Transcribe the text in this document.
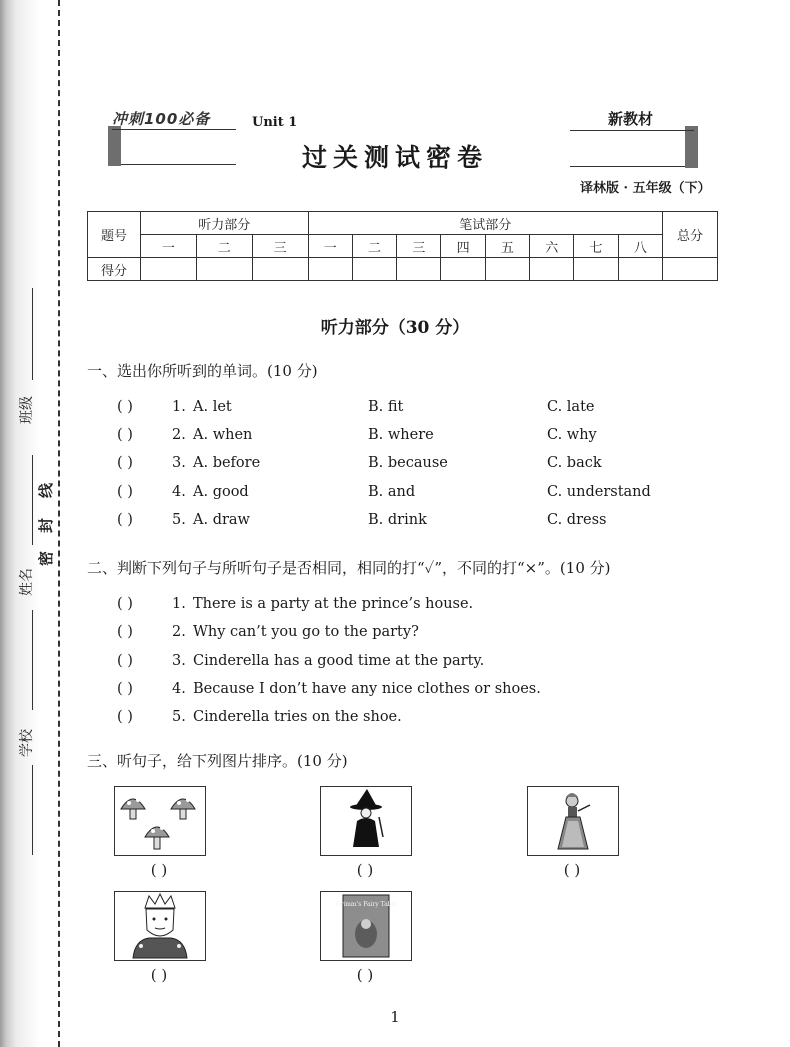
班级
姓名
学校
密
封
线
冲刺100必备	Unit 1	新教材
过关测试密卷
译林版 · 五年级（下）
题号	听力部分			笔试部分								总分
	一	二	三	一	二	三	四	五	六	七	八	
得分												
听力部分（30 分）
一、选出你所听到的单词。(10 分)
( )	1. A. let	B. fit	C. late
( )	2. A. when	B. where	C. why
( )	3. A. before	B. because	C. back
( )	4. A. good	B. and	C. understand
( )	5. A. draw	B. drink	C. dress
二、判断下列句子与所听句子是否相同，相同的打“✓”，不同的打“×”。(10 分)
( )	1. There is a party at the prince’s house.
( )	2. Why can’t you go to the party?
( )	3. Cinderella has a good time at the party.
( )	4. Because I don’t have any nice clothes or shoes.
( )	5. Cinderella tries on the shoe.
三、听句子，给下列图片排序。(10 分)
( )	( )	( )
( )
Grimm's Fairy Tales
( )
1
